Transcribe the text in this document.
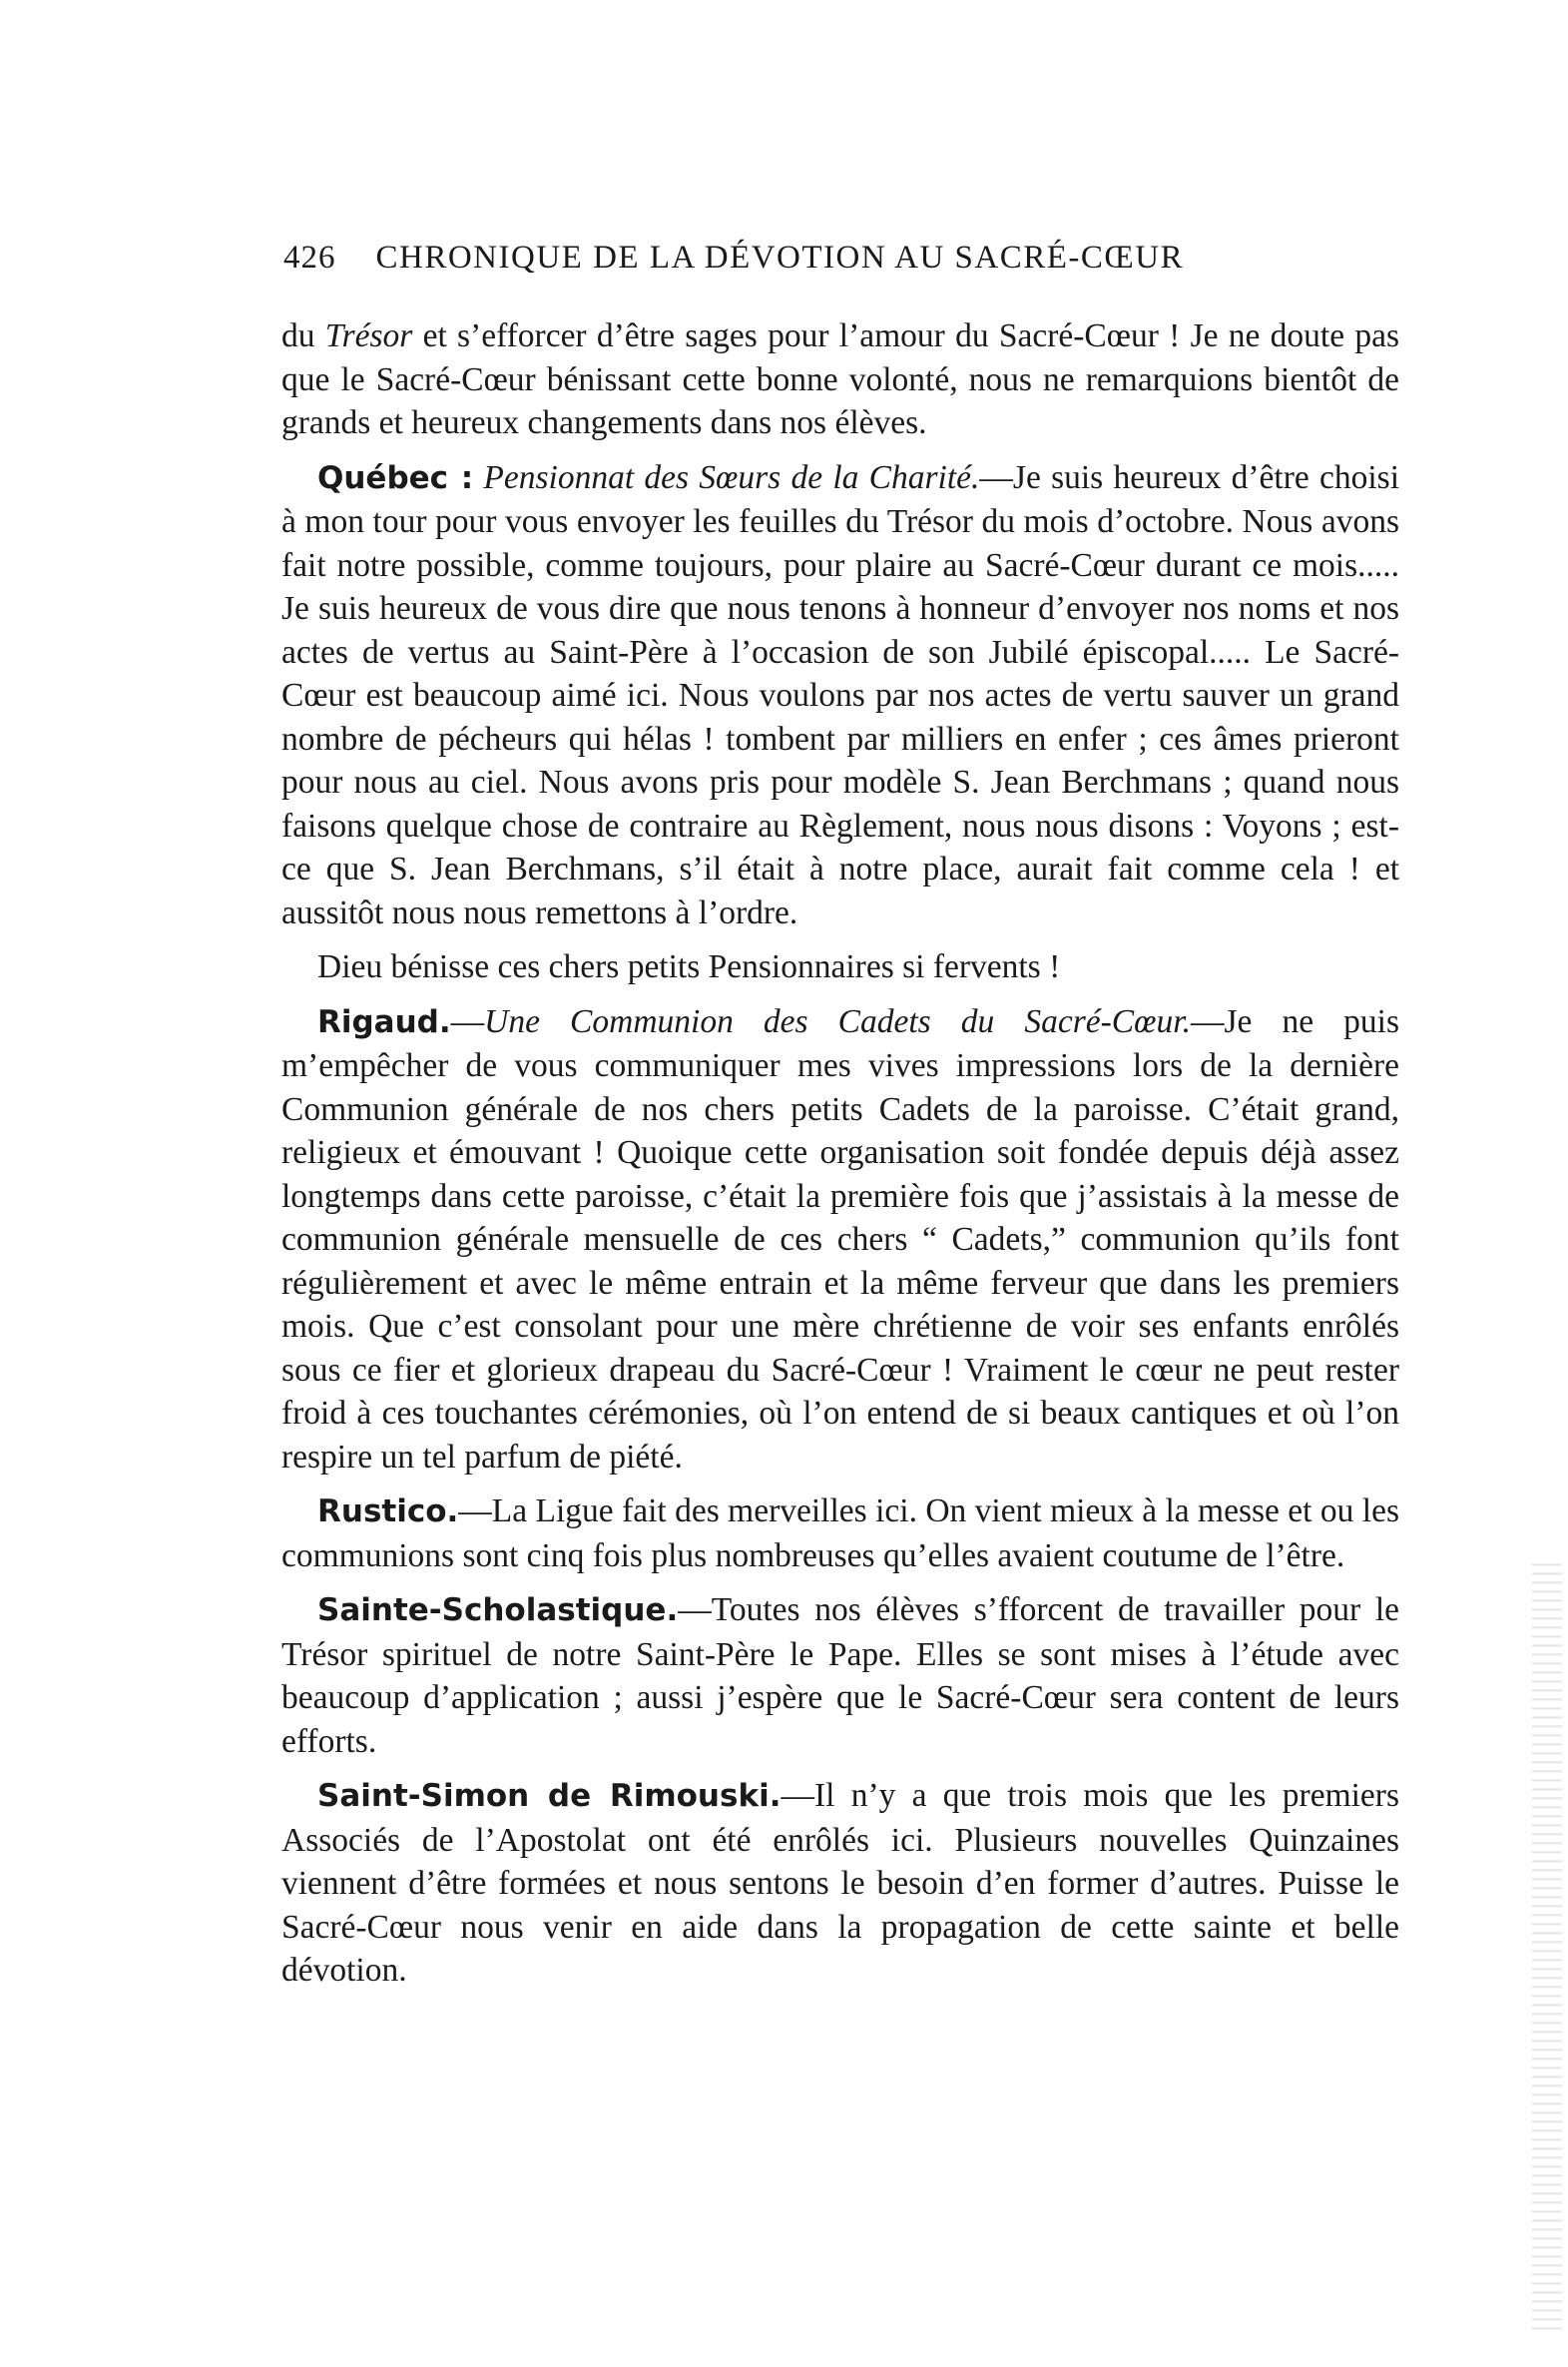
426 CHRONIQUE DE LA DÉVOTION AU SACRÉ-CŒUR

du Trésor et s’efforcer d’être sages pour l’amour du Sacré-Cœur ! Je ne doute pas que le Sacré-Cœur bénissant cette bonne volonté, nous ne remarquions bientôt de grands et heureux changements dans nos élèves.

Québec : Pensionnat des Sœurs de la Charité.—Je suis heureux d’être choisi à mon tour pour vous envoyer les feuilles du Trésor du mois d’octobre. Nous avons fait notre possible, comme toujours, pour plaire au Sacré-Cœur durant ce mois..... Je suis heureux de vous dire que nous tenons à honneur d’envoyer nos noms et nos actes de vertus au Saint-Père à l’occasion de son Jubilé épiscopal..... Le Sacré-Cœur est beaucoup aimé ici. Nous voulons par nos actes de vertu sauver un grand nombre de pécheurs qui hélas ! tombent par milliers en enfer ; ces âmes prieront pour nous au ciel. Nous avons pris pour modèle S. Jean Berchmans ; quand nous faisons quelque chose de contraire au Règlement, nous nous disons : Voyons ; est-ce que S. Jean Berchmans, s’il était à notre place, aurait fait comme cela ! et aussitôt nous nous remettons à l’ordre.

Dieu bénisse ces chers petits Pensionnaires si fervents !

Rigaud.—Une Communion des Cadets du Sacré-Cœur.—Je ne puis m’empêcher de vous communiquer mes vives impressions lors de la dernière Communion générale de nos chers petits Cadets de la paroisse. C’était grand, religieux et émouvant ! Quoique cette organisation soit fondée depuis déjà assez longtemps dans cette paroisse, c’était la première fois que j’assistais à la messe de communion générale mensuelle de ces chers “ Cadets,” communion qu’ils font régulièrement et avec le même entrain et la même ferveur que dans les premiers mois. Que c’est consolant pour une mère chrétienne de voir ses enfants enrôlés sous ce fier et glorieux drapeau du Sacré-Cœur ! Vraiment le cœur ne peut rester froid à ces touchantes cérémonies, où l’on entend de si beaux cantiques et où l’on respire un tel parfum de piété.

Rustico.—La Ligue fait des merveilles ici. On vient mieux à la messe et ou les communions sont cinq fois plus nombreuses qu’elles avaient coutume de l’être.

Sainte-Scholastique.—Toutes nos élèves s’fforcent de travailler pour le Trésor spirituel de notre Saint-Père le Pape. Elles se sont mises à l’étude avec beaucoup d’application ; aussi j’espère que le Sacré-Cœur sera content de leurs efforts.

Saint-Simon de Rimouski.—Il n’y a que trois mois que les premiers Associés de l’Apostolat ont été enrôlés ici. Plusieurs nouvelles Quinzaines viennent d’être formées et nous sentons le besoin d’en former d’autres. Puisse le Sacré-Cœur nous venir en aide dans la propagation de cette sainte et belle dévotion.
